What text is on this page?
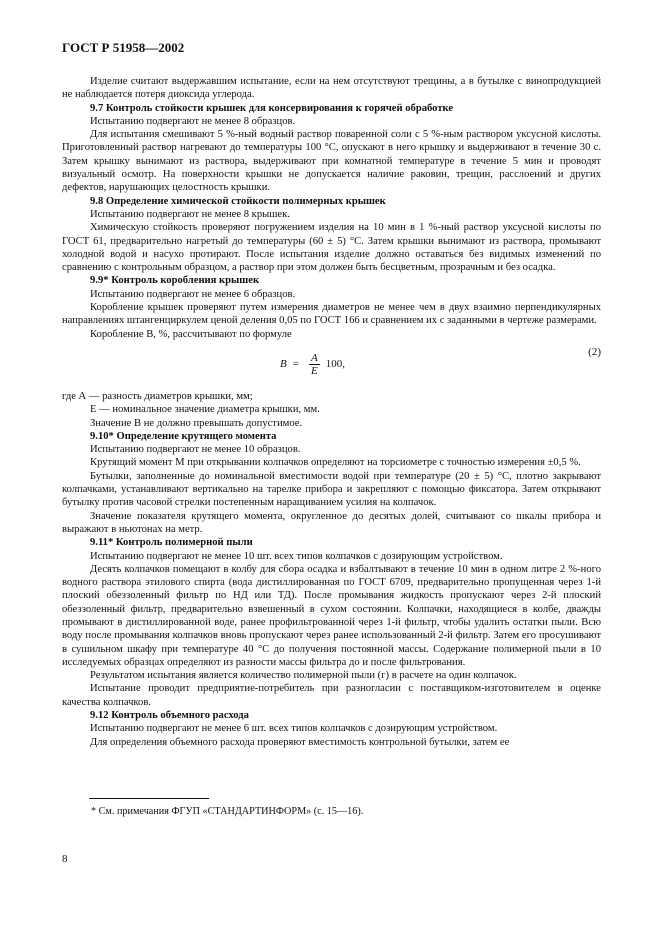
ГОСТ Р 51958—2002

Изделие считают выдержавшим испытание, если на нем отсутствуют трещины, а в бутылке с винопродукцией не наблюдается потеря диоксида углерода.

9.7 Контроль стойкости крышек для консервирования к горячей обработке

Испытанию подвергают не менее 8 образцов.

Для испытания смешивают 5 %-ный водный раствор поваренной соли с 5 %-ным раствором уксусной кислоты. Приготовленный раствор нагревают до температуры 100 °С, опускают в него крышку и выдерживают в течение 30 с. Затем крышку вынимают из раствора, выдерживают при комнатной температуре в течение 5 мин и проводят визуальный осмотр. На поверхности крышки не допускается наличие раковин, трещин, расслоений и других дефектов, нарушающих целостность крышки.

9.8 Определение химической стойкости полимерных крышек

Испытанию подвергают не менее 8 крышек.

Химическую стойкость проверяют погружением изделия на 10 мин в 1 %-ный раствор уксусной кислоты по ГОСТ 61, предварительно нагретый до температуры (60 ± 5) °С. Затем крышки вынимают из раствора, промывают холодной водой и насухо протирают. После испытания изделие должно оставаться без видимых изменений по сравнению с контрольным образцом, а раствор при этом должен быть бесцветным, прозрачным и без осадка.

9.9* Контроль коробления крышек

Испытанию подвергают не менее 6 образцов.

Коробление крышек проверяют путем измерения диаметров не менее чем в двух взаимно перпендикулярных направлениях штангенциркулем ценой деления 0,05 по ГОСТ 166 и сравнением их с заданными в чертеже размерами.

Коробление В, %, рассчитывают по формуле

$B = \frac{A}{E} 100$,
(2)

где А — разность диаметров крышки, мм;

Е — номинальное значение диаметра крышки, мм.

Значение В не должно превышать допустимое.

9.10* Определение крутящего момента

Испытанию подвергают не менее 10 образцов.

Крутящий момент М при открывании колпачков определяют на торсиометре с точностью измерения ±0,5 %.

Бутылки, заполненные до номинальной вместимости водой при температуре (20 ± 5) °С, плотно закрывают колпачками, устанавливают вертикально на тарелке прибора и закрепляют с помощью фиксатора. Затем открывают бутылку против часовой стрелки постепенным наращиванием усилия на колпачок.

Значение показателя крутящего момента, округленное до десятых долей, считывают со шкалы прибора и выражают в ньютонах на метр.

9.11* Контроль полимерной пыли

Испытанию подвергают не менее 10 шт. всех типов колпачков с дозирующим устройством.

Десять колпачков помещают в колбу для сбора осадка и взбалтывают в течение 10 мин в одном литре 2 %-ного водного раствора этилового спирта (вода дистиллированная по ГОСТ 6709, предварительно пропущенная через 1-й плоский обеззоленный фильтр по НД или ТД). После промывания жидкость пропускают через 2-й плоский обеззоленный фильтр, предварительно взвешенный в сухом состоянии. Колпачки, находящиеся в колбе, дважды промывают в дистиллированной воде, ранее профильтрованной через 1-й фильтр, чтобы удалить остатки пыли. Всю воду после промывания колпачков вновь пропускают через ранее использованный 2-й фильтр. Затем его просушивают в сушильном шкафу при температуре 40 °С до получения постоянной массы. Содержание полимерной пыли в 10 исследуемых образцах определяют из разности массы фильтра до и после фильтрования.

Результатом испытания является количество полимерной пыли (г) в расчете на один колпачок.

Испытание проводит предприятие-потребитель при разногласии с поставщиком-изготовителем в оценке качества колпачков.

9.12 Контроль объемного расхода

Испытанию подвергают не менее 6 шт. всех типов колпачков с дозирующим устройством.

Для определения объемного расхода проверяют вместимость контрольной бутылки, затем ее

* См. примечания ФГУП «СТАНДАРТИНФОРМ» (с. 15—16).
8
